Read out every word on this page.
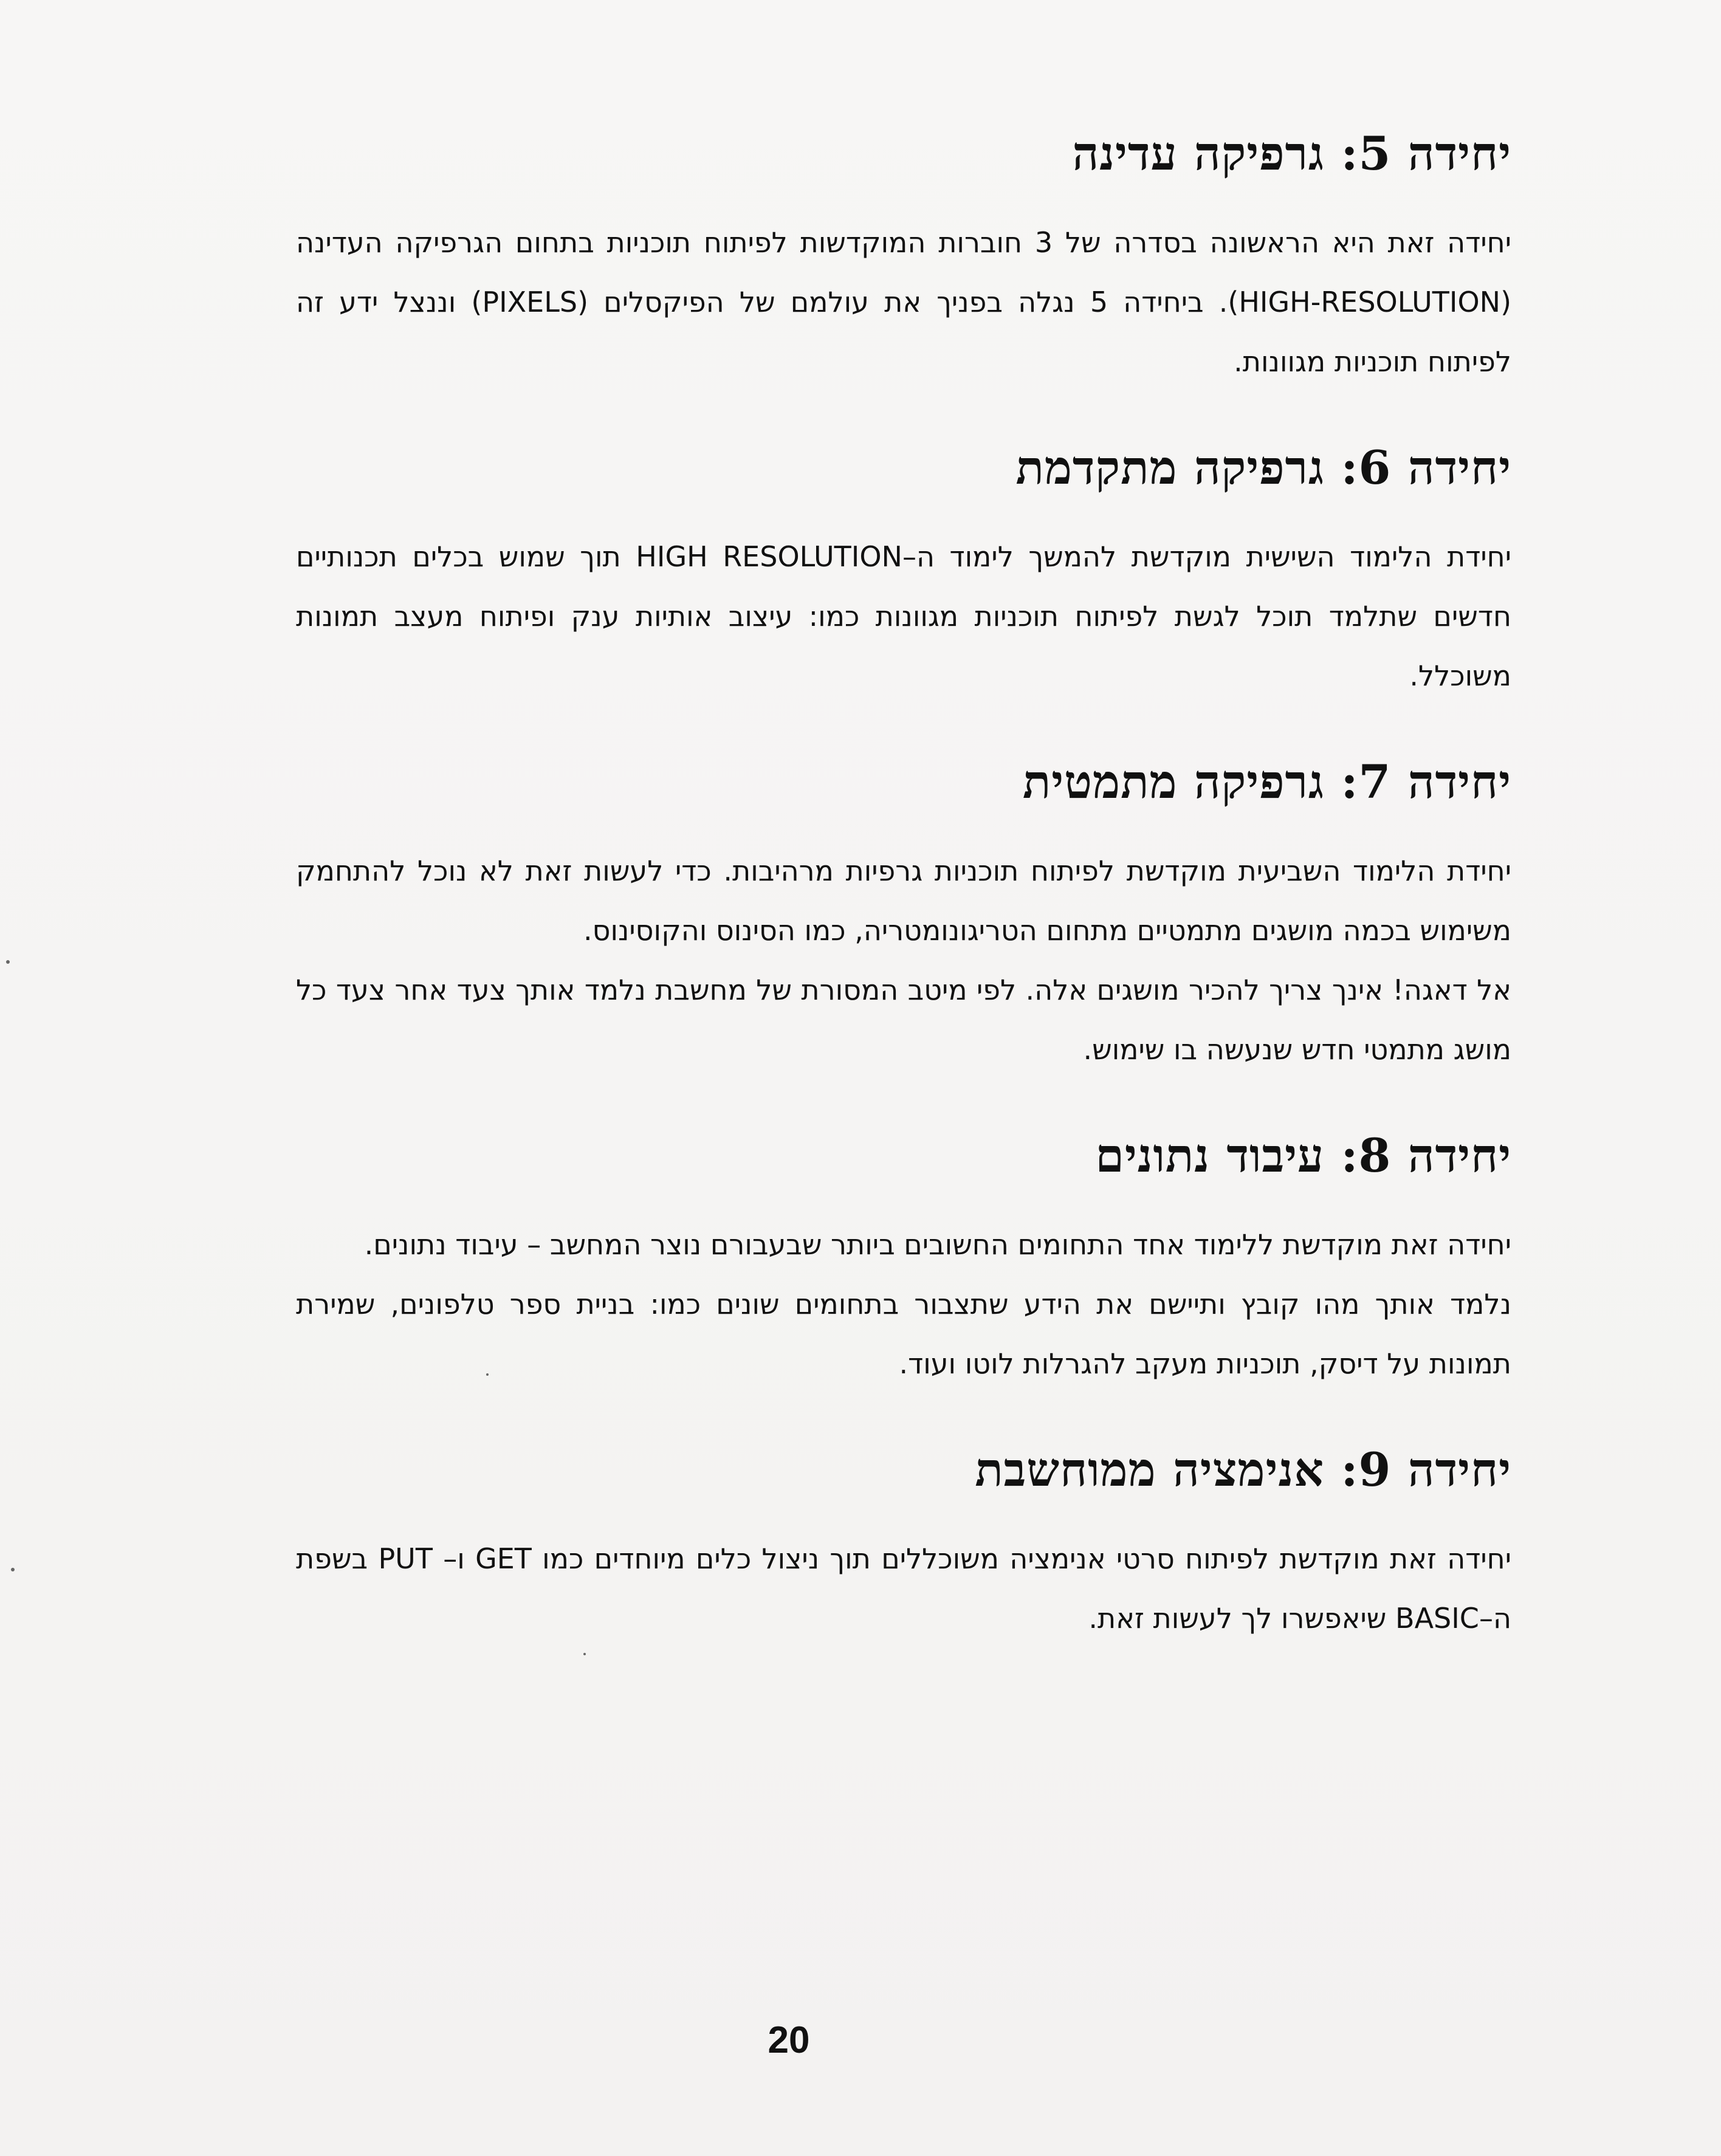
יחידה 5: גרפיקה עדינה

יחידה זאת היא הראשונה בסדרה של 3 חוברות המוקדשות לפיתוח תוכניות בתחום הגרפיקה העדינה (HIGH-RESOLUTION). ביחידה 5 נגלה בפניך את עולמם של הפיקסלים (PIXELS) וננצל ידע זה לפיתוח תוכניות מגוונות.

יחידה 6: גרפיקה מתקדמת

יחידת הלימוד השישית מוקדשת להמשך לימוד ה–HIGH RESOLUTION תוך שמוש בכלים תכנותיים חדשים שתלמד תוכל לגשת לפיתוח תוכניות מגוונות כמו: עיצוב אותיות ענק ופיתוח מעצב תמונות משוכלל.

יחידה 7: גרפיקה מתמטית

יחידת הלימוד השביעית מוקדשת לפיתוח תוכניות גרפיות מרהיבות. כדי לעשות זאת לא נוכל להתחמק משימוש בכמה מושגים מתמטיים מתחום הטריגונומטריה, כמו הסינוס והקוסינוס.

אל דאגה! אינך צריך להכיר מושגים אלה. לפי מיטב המסורת של מחשבת נלמד אותך צעד אחר צעד כל מושג מתמטי חדש שנעשה בו שימוש.

יחידה 8: עיבוד נתונים

יחידה זאת מוקדשת ללימוד אחד התחומים החשובים ביותר שבעבורם נוצר המחשב – עיבוד נתונים.

נלמד אותך מהו קובץ ותיישם את הידע שתצבור בתחומים שונים כמו: בניית ספר טלפונים, שמירת תמונות על דיסק, תוכניות מעקב להגרלות לוטו ועוד.

יחידה 9: אנימציה ממוחשבת

יחידה זאת מוקדשת לפיתוח סרטי אנימציה משוכללים תוך ניצול כלים מיוחדים כמו GET ו– PUT בשפת ה–BASIC שיאפשרו לך לעשות זאת.

20
